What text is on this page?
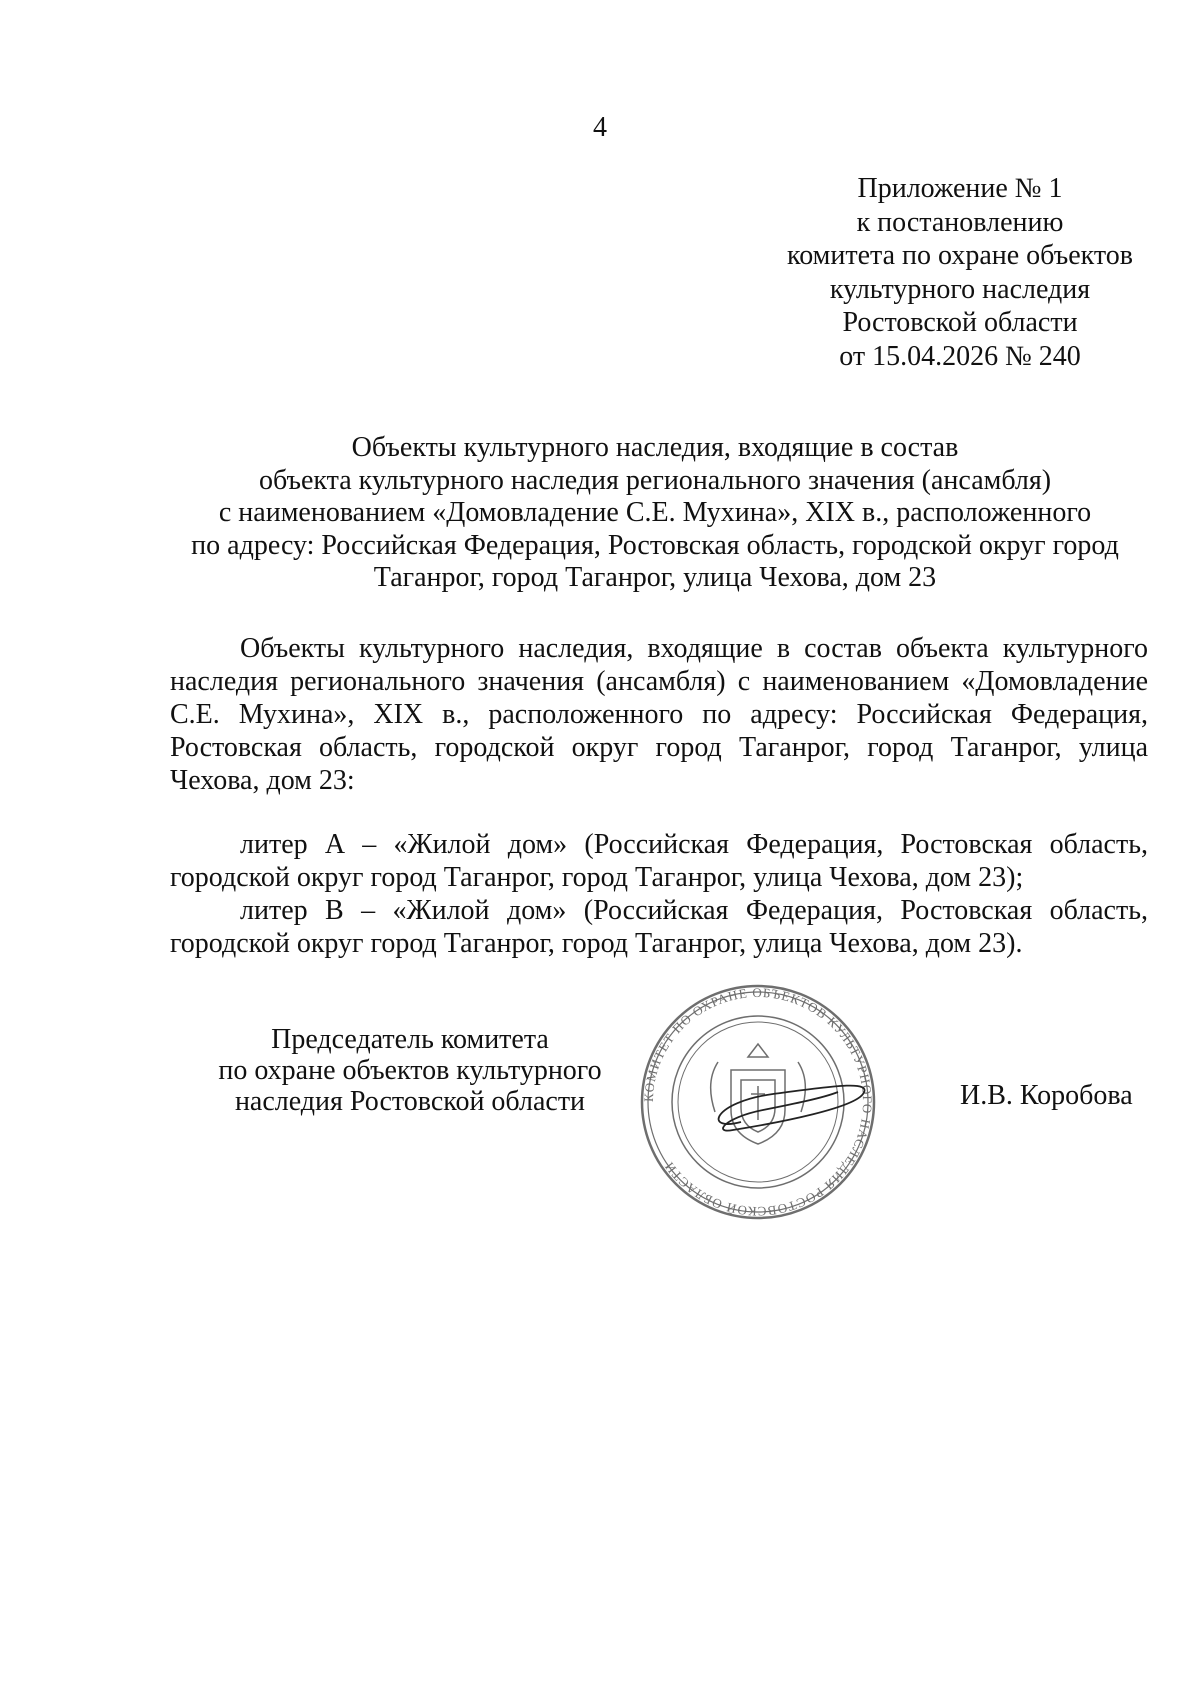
4
Приложение № 1
к постановлению
комитета по охране объектов
культурного наследия
Ростовской области
от 15.04.2026 № 240
Объекты культурного наследия, входящие в состав
объекта культурного наследия регионального значения (ансамбля)
с наименованием «Домовладение С.Е. Мухина», XIX в., расположенного
по адресу: Российская Федерация, Ростовская область, городской округ город
Таганрог, город Таганрог, улица Чехова, дом 23

Объекты культурного наследия, входящие в состав объекта культурного наследия регионального значения (ансамбля) с наименованием «Домовладение С.Е. Мухина», XIX в., расположенного по адресу: Российская Федерация, Ростовская область, городской округ город Таганрог, город Таганрог, улица Чехова, дом 23:

литер А – «Жилой дом» (Российская Федерация, Ростовская область, городской округ город Таганрог, город Таганрог, улица Чехова, дом 23);

литер В – «Жилой дом» (Российская Федерация, Ростовская область, городской округ город Таганрог, город Таганрог, улица Чехова, дом 23).

Председатель комитета
по охране объектов культурного
наследия Ростовской области	КОМИТЕТ ПО ОХРАНЕ ОБЪЕКТОВ КУЛЬТУРНОГО НАСЛЕДИЯ РОСТОВСКОЙ ОБЛАСТИ
И.В. Коробова
